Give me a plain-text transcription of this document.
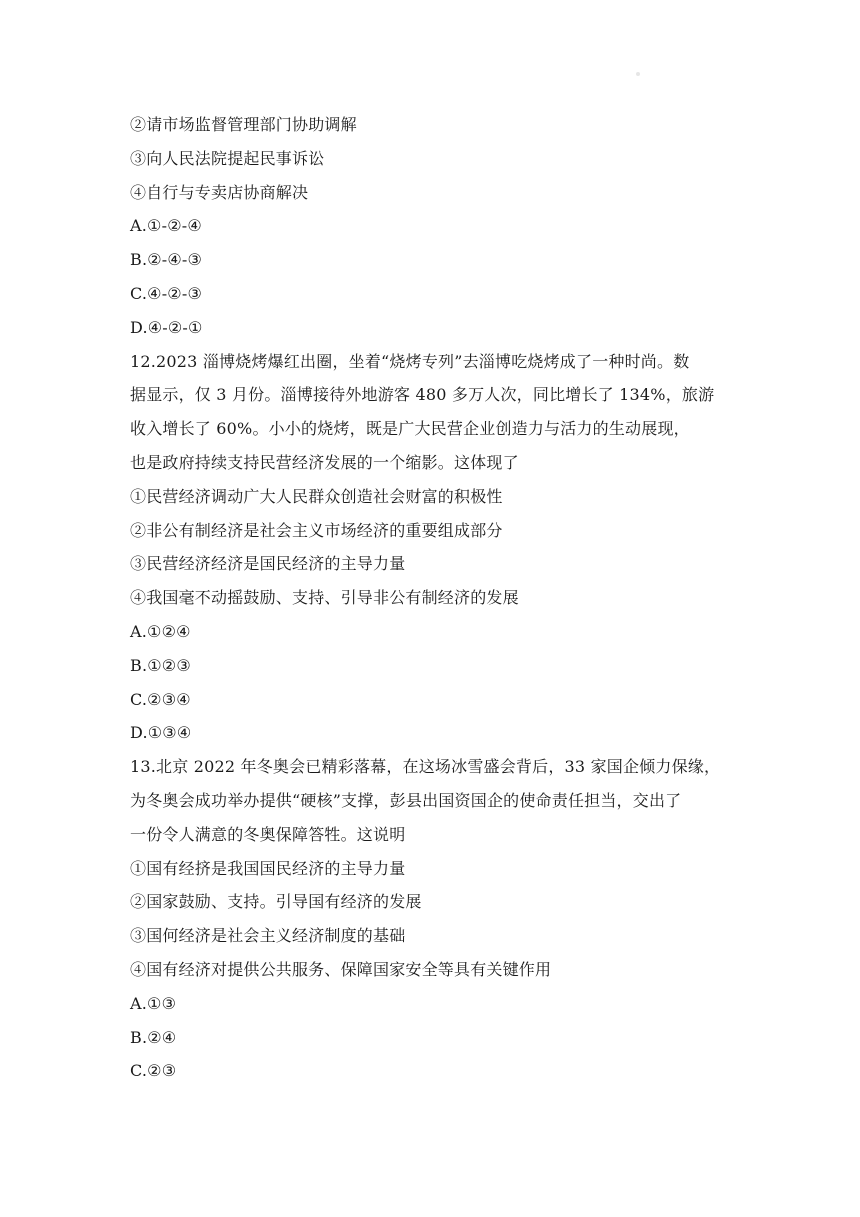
②请市场监督管理部门协助调解
③向人民法院提起民事诉讼
④自行与专卖店协商解决
A.①-②-④
B.②-④-③
C.④-②-③
D.④-②-①
12.2023 淄博烧烤爆红出圈，坐着“烧烤专列”去淄博吃烧烤成了一种时尚。数
据显示，仅 3 月份。淄博接待外地游客 480 多万人次，同比增长了 134%，旅游
收入增长了 60%。小小的烧烤，既是广大民营企业创造力与活力的生动展现，
也是政府持续支持民营经济发展的一个缩影。这体现了
①民营经济调动广大人民群众创造社会财富的积极性
②非公有制经济是社会主义市场经济的重要组成部分
③民营经济经济是国民经济的主导力量
④我国毫不动摇鼓励、支持、引导非公有制经济的发展
A.①②④
B.①②③
C.②③④
D.①③④
13.北京 2022 年冬奥会已精彩落幕，在这场冰雪盛会背后，33 家国企倾力保缘，
为冬奥会成功举办提供“硬核”支撑，彭县出国资国企的使命责任担当，交出了
一份令人满意的冬奥保障答牲。这说明
①国有经挤是我国国民经济的主导力量
②国家鼓励、支持。引导国有经济的发展
③国何经济是社会主义经济制度的基础
④国有经济对提供公共服务、保障国家安全等具有关键作用
A.①③
B.②④
C.②③
